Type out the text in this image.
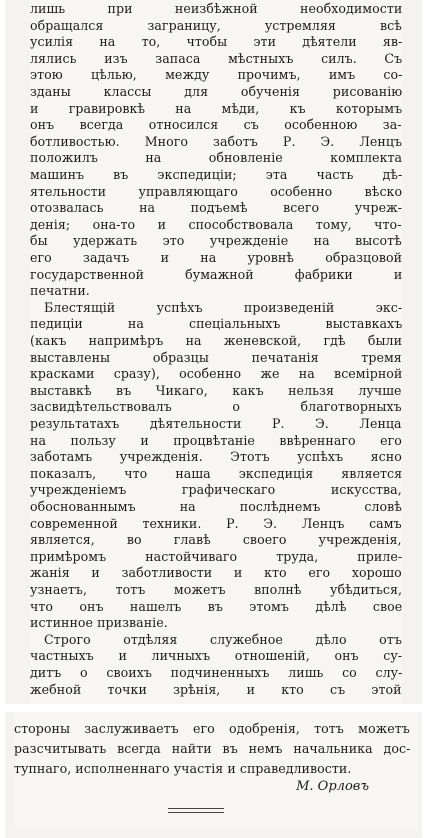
лишь при неизбѣжной необходимости
обращался заграницу, устремляя всѣ
усилія на то, чтобы эти дѣятели яв-
лялись изъ запаса мѣстныхъ силъ. Съ
этою цѣлью, между прочимъ, имъ со-
зданы классы для обученія рисованію
и гравировкѣ на мѣди, къ которымъ
онъ всегда относился съ особенною за-
ботливостью. Много заботъ Р. Э. Ленцъ
положилъ на обновленіе комплекта
машинъ въ экспедиціи; эта часть дѣ-
ятельности управляющаго особенно вѣско
отозвалась на подъемѣ всего учреж-
денія; она-то и способствовала тому, что-
бы удержать это учрежденіе на высотѣ
его задачъ и на уровнѣ образцовой
государственной бумажной фабрики и
печатни.
Блестящій успѣхъ произведеній экс-
педиціи на спеціальныхъ выставкахъ
(какъ напримѣръ на женевской, гдѣ были
выставлены образцы печатанія тремя
красками сразу), особенно же на всемірной
выставкѣ въ Чикаго, какъ нельзя лучше
засвидѣтельствовалъ о благотворныхъ
результатахъ дѣятельности Р. Э. Ленца
на пользу и процвѣтаніе ввѣреннаго его
заботамъ учрежденія. Этотъ успѣхъ ясно
показалъ, что наша экспедиція является
учрежденіемъ графическаго искусства,
обоснованнымъ на послѣднемъ словѣ
современной техники. Р. Э. Ленцъ самъ
является, во главѣ своего учрежденія,
примѣромъ настойчиваго труда, прилe-
жанія и заботливости и кто его хорошо
узнаетъ, тотъ можетъ вполнѣ убѣдиться,
что онъ нашелъ въ этомъ дѣлѣ свое
истинное призваніе.
Строго отдѣляя служебное дѣло отъ
частныхъ и личныхъ отношеній, онъ су-
дитъ о своихъ подчиненныхъ лишь со слу-
жебной точки зрѣнія, и кто съ этой
стороны заслуживаетъ его одобренія, тотъ можетъ
разсчитывать всегда найти въ немъ начальника дос-
тупнаго, исполненнаго участія и справедливости.
М. Орловъ
